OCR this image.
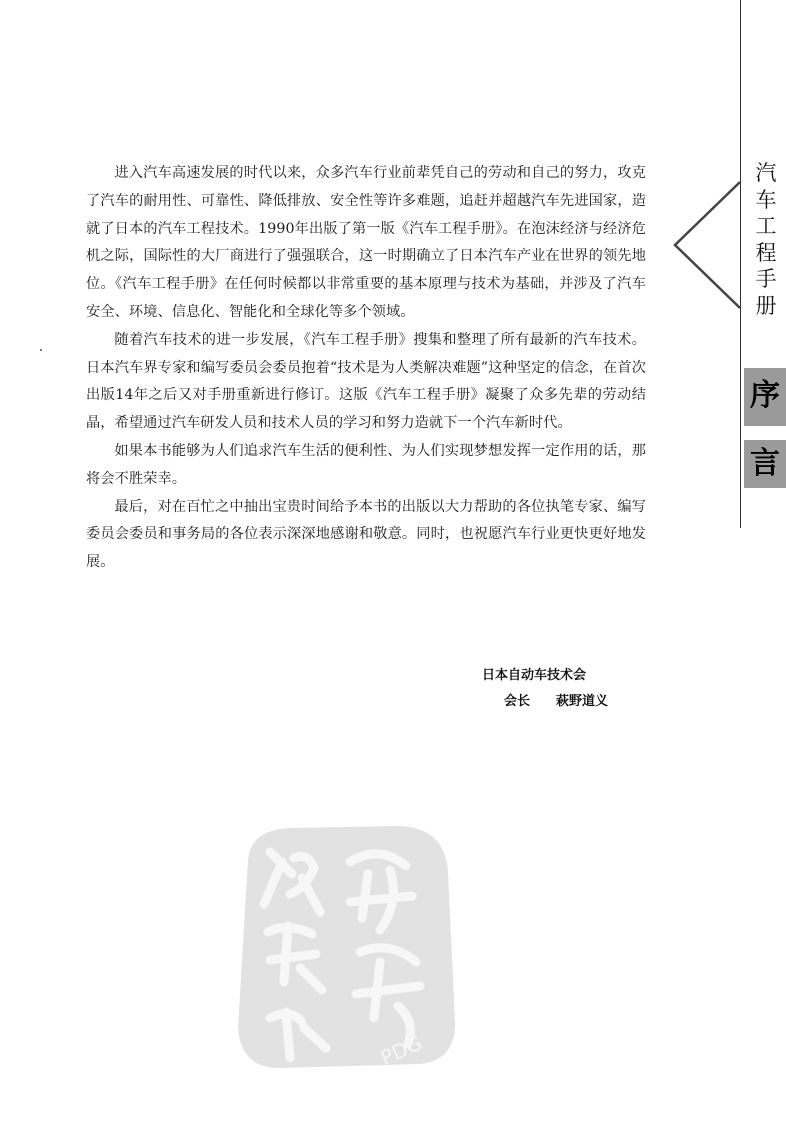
进入汽车高速发展的时代以来，众多汽车行业前辈凭自己的劳动和自己的努力，攻克了汽车的耐用性、可靠性、降低排放、安全性等许多难题，追赶并超越汽车先进国家，造就了日本的汽车工程技术。1990年出版了第一版《汽车工程手册》。在泡沫经济与经济危机之际，国际性的大厂商进行了强强联合，这一时期确立了日本汽车产业在世界的领先地位。《汽车工程手册》在任何时候都以非常重要的基本原理与技术为基础，并涉及了汽车安全、环境、信息化、智能化和全球化等多个领域。

随着汽车技术的进一步发展，《汽车工程手册》搜集和整理了所有最新的汽车技术。日本汽车界专家和编写委员会委员抱着“技术是为人类解决难题”这种坚定的信念，在首次出版14年之后又对手册重新进行修订。这版《汽车工程手册》凝聚了众多先辈的劳动结晶，希望通过汽车研发人员和技术人员的学习和努力造就下一个汽车新时代。

如果本书能够为人们追求汽车生活的便利性、为人们实现梦想发挥一定作用的话，那将会不胜荣幸。

最后，对在百忙之中抽出宝贵时间给予本书的出版以大力帮助的各位执笔专家、编写委员会委员和事务局的各位表示深深地感谢和敬意。同时，也祝愿汽车行业更快更好地发展。

日本自动车技术会
会长 萩野道义
汽
车
工
程
手
册
序
言
PDG
